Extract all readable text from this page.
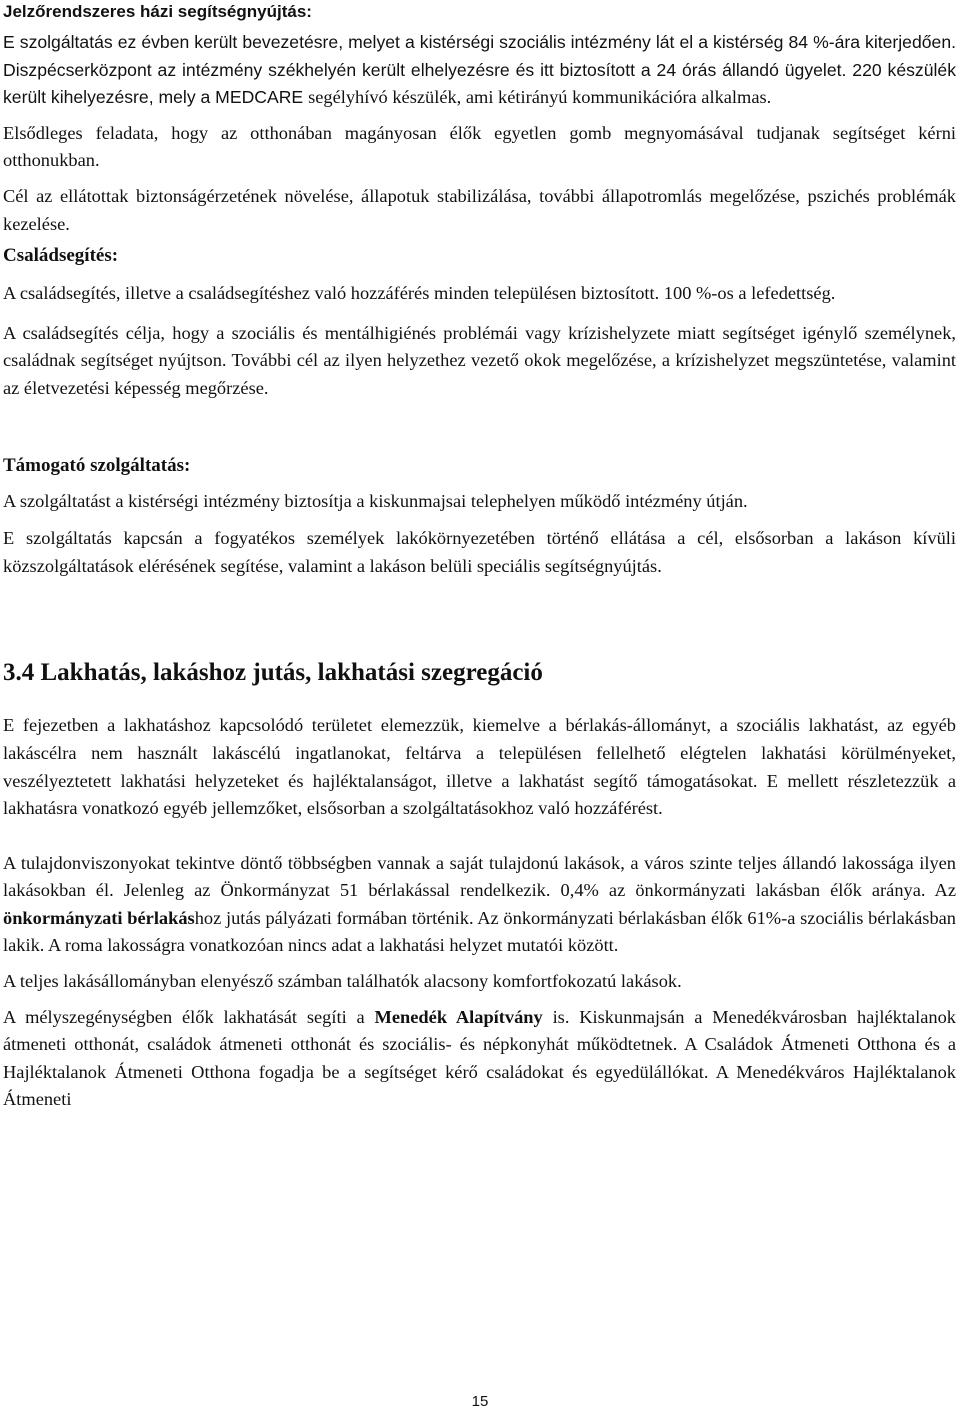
Jelzőrendszeres házi segítségnyújtás:

E szolgáltatás ez évben került bevezetésre, melyet a kistérségi szociális intézmény lát el a kistérség 84 %-ára kiterjedően. Diszpécserközpont az intézmény székhelyén került elhelyezésre és itt biztosított a 24 órás állandó ügyelet. 220 készülék került kihelyezésre, mely a MEDCARE segélyhívó készülék, ami kétirányú kommunikációra alkalmas.

Elsődleges feladata, hogy az otthonában magányosan élők egyetlen gomb megnyomásával tudjanak segítséget kérni otthonukban.

Cél az ellátottak biztonságérzetének növelése, állapotuk stabilizálása, további állapotromlás megelőzése, pszichés problémák kezelése.

Családsegítés:

A családsegítés, illetve a családsegítéshez való hozzáférés minden településen biztosított. 100 %-os a lefedettség.

A családsegítés célja, hogy a szociális és mentálhigiénés problémái vagy krízishelyzete miatt segítséget igénylő személynek, családnak segítséget nyújtson. További cél az ilyen helyzethez vezető okok megelőzése, a krízishelyzet megszüntetése, valamint az életvezetési képesség megőrzése.

Támogató szolgáltatás:

A szolgáltatást a kistérségi intézmény biztosítja a kiskunmajsai telephelyen működő intézmény útján.

E szolgáltatás kapcsán a fogyatékos személyek lakókörnyezetében történő ellátása a cél, elsősorban a lakáson kívüli közszolgáltatások elérésének segítése, valamint a lakáson belüli speciális segítségnyújtás.

3.4 Lakhatás, lakáshoz jutás, lakhatási szegregáció

E fejezetben a lakhatáshoz kapcsolódó területet elemezzük, kiemelve a bérlakás-állományt, a szociális lakhatást, az egyéb lakáscélra nem használt lakáscélú ingatlanokat, feltárva a településen fellelhető elégtelen lakhatási körülményeket, veszélyeztetett lakhatási helyzeteket és hajléktalanságot, illetve a lakhatást segítő támogatásokat. E mellett részletezzük a lakhatásra vonatkozó egyéb jellemzőket, elsősorban a szolgáltatásokhoz való hozzáférést.

A tulajdonviszonyokat tekintve döntő többségben vannak a saját tulajdonú lakások, a város szinte teljes állandó lakossága ilyen lakásokban él. Jelenleg az Önkormányzat 51 bérlakással rendelkezik. 0,4% az önkormányzati lakásban élők aránya. Az önkormányzati bérlakáshoz jutás pályázati formában történik. Az önkormányzati bérlakásban élők 61%-a szociális bérlakásban lakik. A roma lakosságra vonatkozóan nincs adat a lakhatási helyzet mutatói között.

A teljes lakásállományban elenyésző számban találhatók alacsony komfortfokozatú lakások.

A mélyszegénységben élők lakhatását segíti a Menedék Alapítvány is. Kiskunmajsán a Menedékvárosban hajléktalanok átmeneti otthonát, családok átmeneti otthonát és szociális- és népkonyhát működtetnek. A Családok Átmeneti Otthona és a Hajléktalanok Átmeneti Otthona fogadja be a segítséget kérő családokat és egyedülállókat. A Menedékváros Hajléktalanok Átmeneti

15
